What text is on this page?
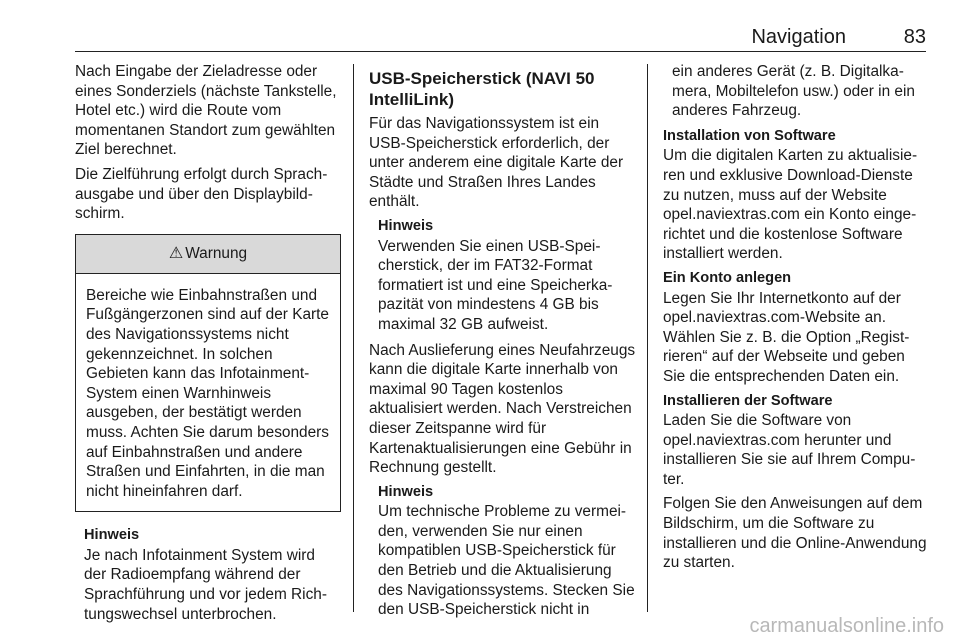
Navigation	83

Nach Eingabe der Zieladresse oder eines Sonderziels (nächste Tankstelle, Hotel etc.) wird die Route vom momentanen Standort zum gewählten Ziel berechnet.

Die Zielführung erfolgt durch Sprachausgabe und über den Displaybildschirm.

⚠ Warnung
Bereiche wie Einbahnstraßen und Fußgängerzonen sind auf der Karte des Navigationssystems nicht gekennzeichnet. In solchen Gebieten kann das Infotainment-System einen Warnhinweis ausgeben, der bestätigt werden muss. Achten Sie darum besonders auf Einbahnstraßen und andere Straßen und Einfahrten, in die man nicht hineinfahren darf.
Hinweis
Je nach Infotainment System wird der Radioempfang während der Sprachführung und vor jedem Richtungswechsel unterbrochen.
USB-Speicherstick (NAVI 50 IntelliLink)

Für das Navigationssystem ist ein USB-Speicherstick erforderlich, der unter anderem eine digitale Karte der Städte und Straßen Ihres Landes enthält.

Hinweis
Verwenden Sie einen USB-Speicherstick, der im FAT32-Format formatiert ist und eine Speicherkapazität von mindestens 4 GB bis maximal 32 GB aufweist.

Nach Auslieferung eines Neufahrzeugs kann die digitale Karte innerhalb von maximal 90 Tagen kostenlos aktualisiert werden. Nach Verstreichen dieser Zeitspanne wird für Kartenaktualisierungen eine Gebühr in Rechnung gestellt.

Hinweis
Um technische Probleme zu vermeiden, verwenden Sie nur einen kompatiblen USB-Speicherstick für den Betrieb und die Aktualisierung des Navigationssystems. Stecken Sie den USB-Speicherstick nicht in
ein anderes Gerät (z. B. Digitalkamera, Mobiltelefon usw.) oder in ein anderes Fahrzeug.
Installation von Software

Um die digitalen Karten zu aktualisieren und exklusive Download-Dienste zu nutzen, muss auf der Website opel.naviextras.com ein Konto eingerichtet und die kostenlose Software installiert werden.

Ein Konto anlegen

Legen Sie Ihr Internetkonto auf der opel.naviextras.com-Website an. Wählen Sie z. B. die Option „Registrieren“ auf der Webseite und geben Sie die entsprechenden Daten ein.

Installieren der Software

Laden Sie die Software von opel.naviextras.com herunter und installieren Sie sie auf Ihrem Computer.

Folgen Sie den Anweisungen auf dem Bildschirm, um die Software zu installieren und die Online-Anwendung zu starten.

carmanualsonline.info
